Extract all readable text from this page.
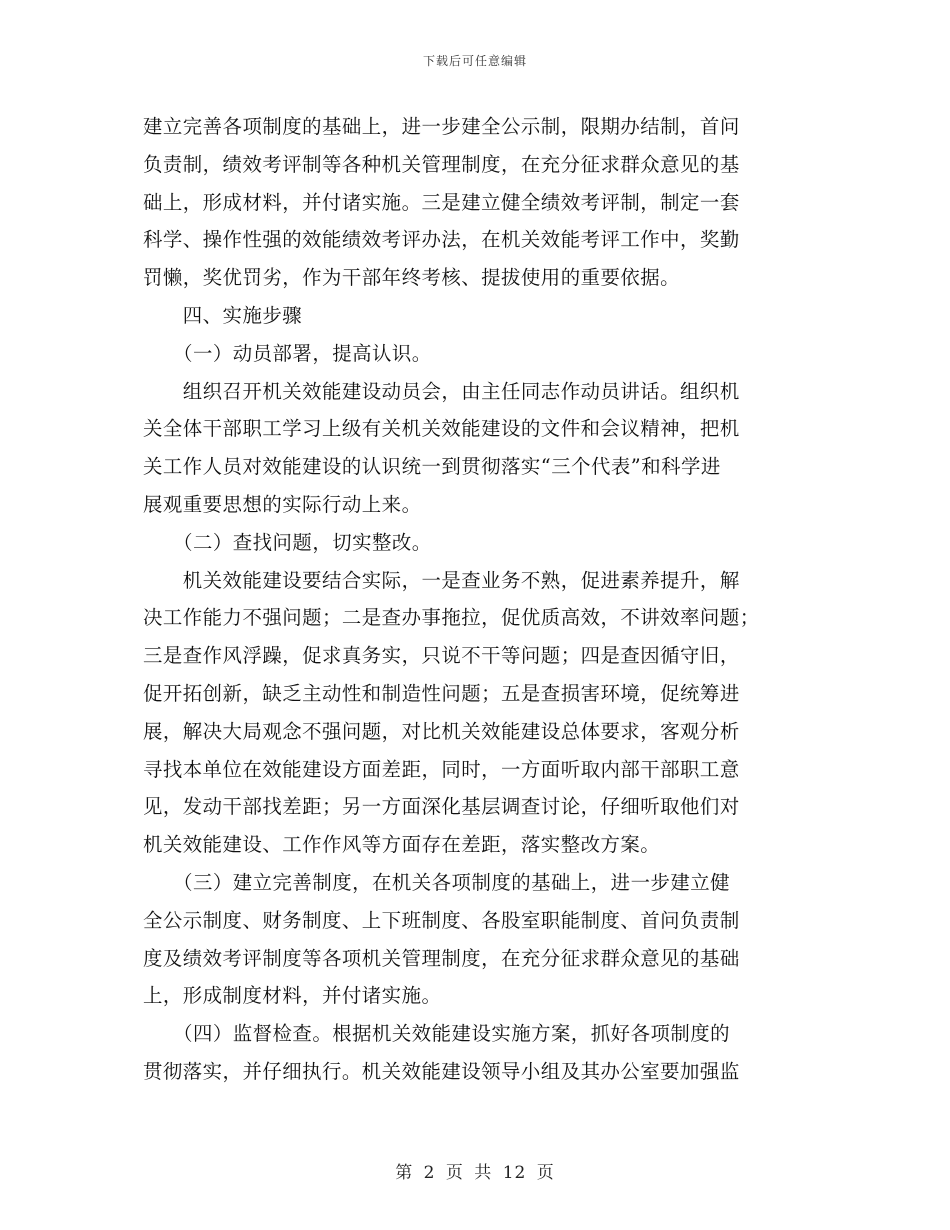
下载后可任意编辑
建立完善各项制度的基础上，进一步建全公示制，限期办结制，首问
负责制，绩效考评制等各种机关管理制度，在充分征求群众意见的基
础上，形成材料，并付诸实施。三是建立健全绩效考评制，制定一套
科学、操作性强的效能绩效考评办法，在机关效能考评工作中，奖勤
罚懒，奖优罚劣，作为干部年终考核、提拔使用的重要依据。
　　四、实施步骤
　　（一）动员部署，提高认识。
　　组织召开机关效能建设动员会，由主任同志作动员讲话。组织机
关全体干部职工学习上级有关机关效能建设的文件和会议精神，把机
关工作人员对效能建设的认识统一到贯彻落实“三个代表”和科学进
展观重要思想的实际行动上来。
　　（二）查找问题，切实整改。
　　机关效能建设要结合实际，一是查业务不熟，促进素养提升，解
决工作能力不强问题；二是查办事拖拉，促优质高效，不讲效率问题；
三是查作风浮躁，促求真务实，只说不干等问题；四是查因循守旧，
促开拓创新，缺乏主动性和制造性问题；五是查损害环境，促统筹进
展，解决大局观念不强问题，对比机关效能建设总体要求，客观分析
寻找本单位在效能建设方面差距，同时，一方面听取内部干部职工意
见，发动干部找差距；另一方面深化基层调查讨论，仔细听取他们对
机关效能建设、工作作风等方面存在差距，落实整改方案。
　　（三）建立完善制度，在机关各项制度的基础上，进一步建立健
全公示制度、财务制度、上下班制度、各股室职能制度、首问负责制
度及绩效考评制度等各项机关管理制度，在充分征求群众意见的基础
上，形成制度材料，并付诸实施。
　　（四）监督检查。根据机关效能建设实施方案，抓好各项制度的
贯彻落实，并仔细执行。机关效能建设领导小组及其办公室要加强监
第 2 页 共 12 页
